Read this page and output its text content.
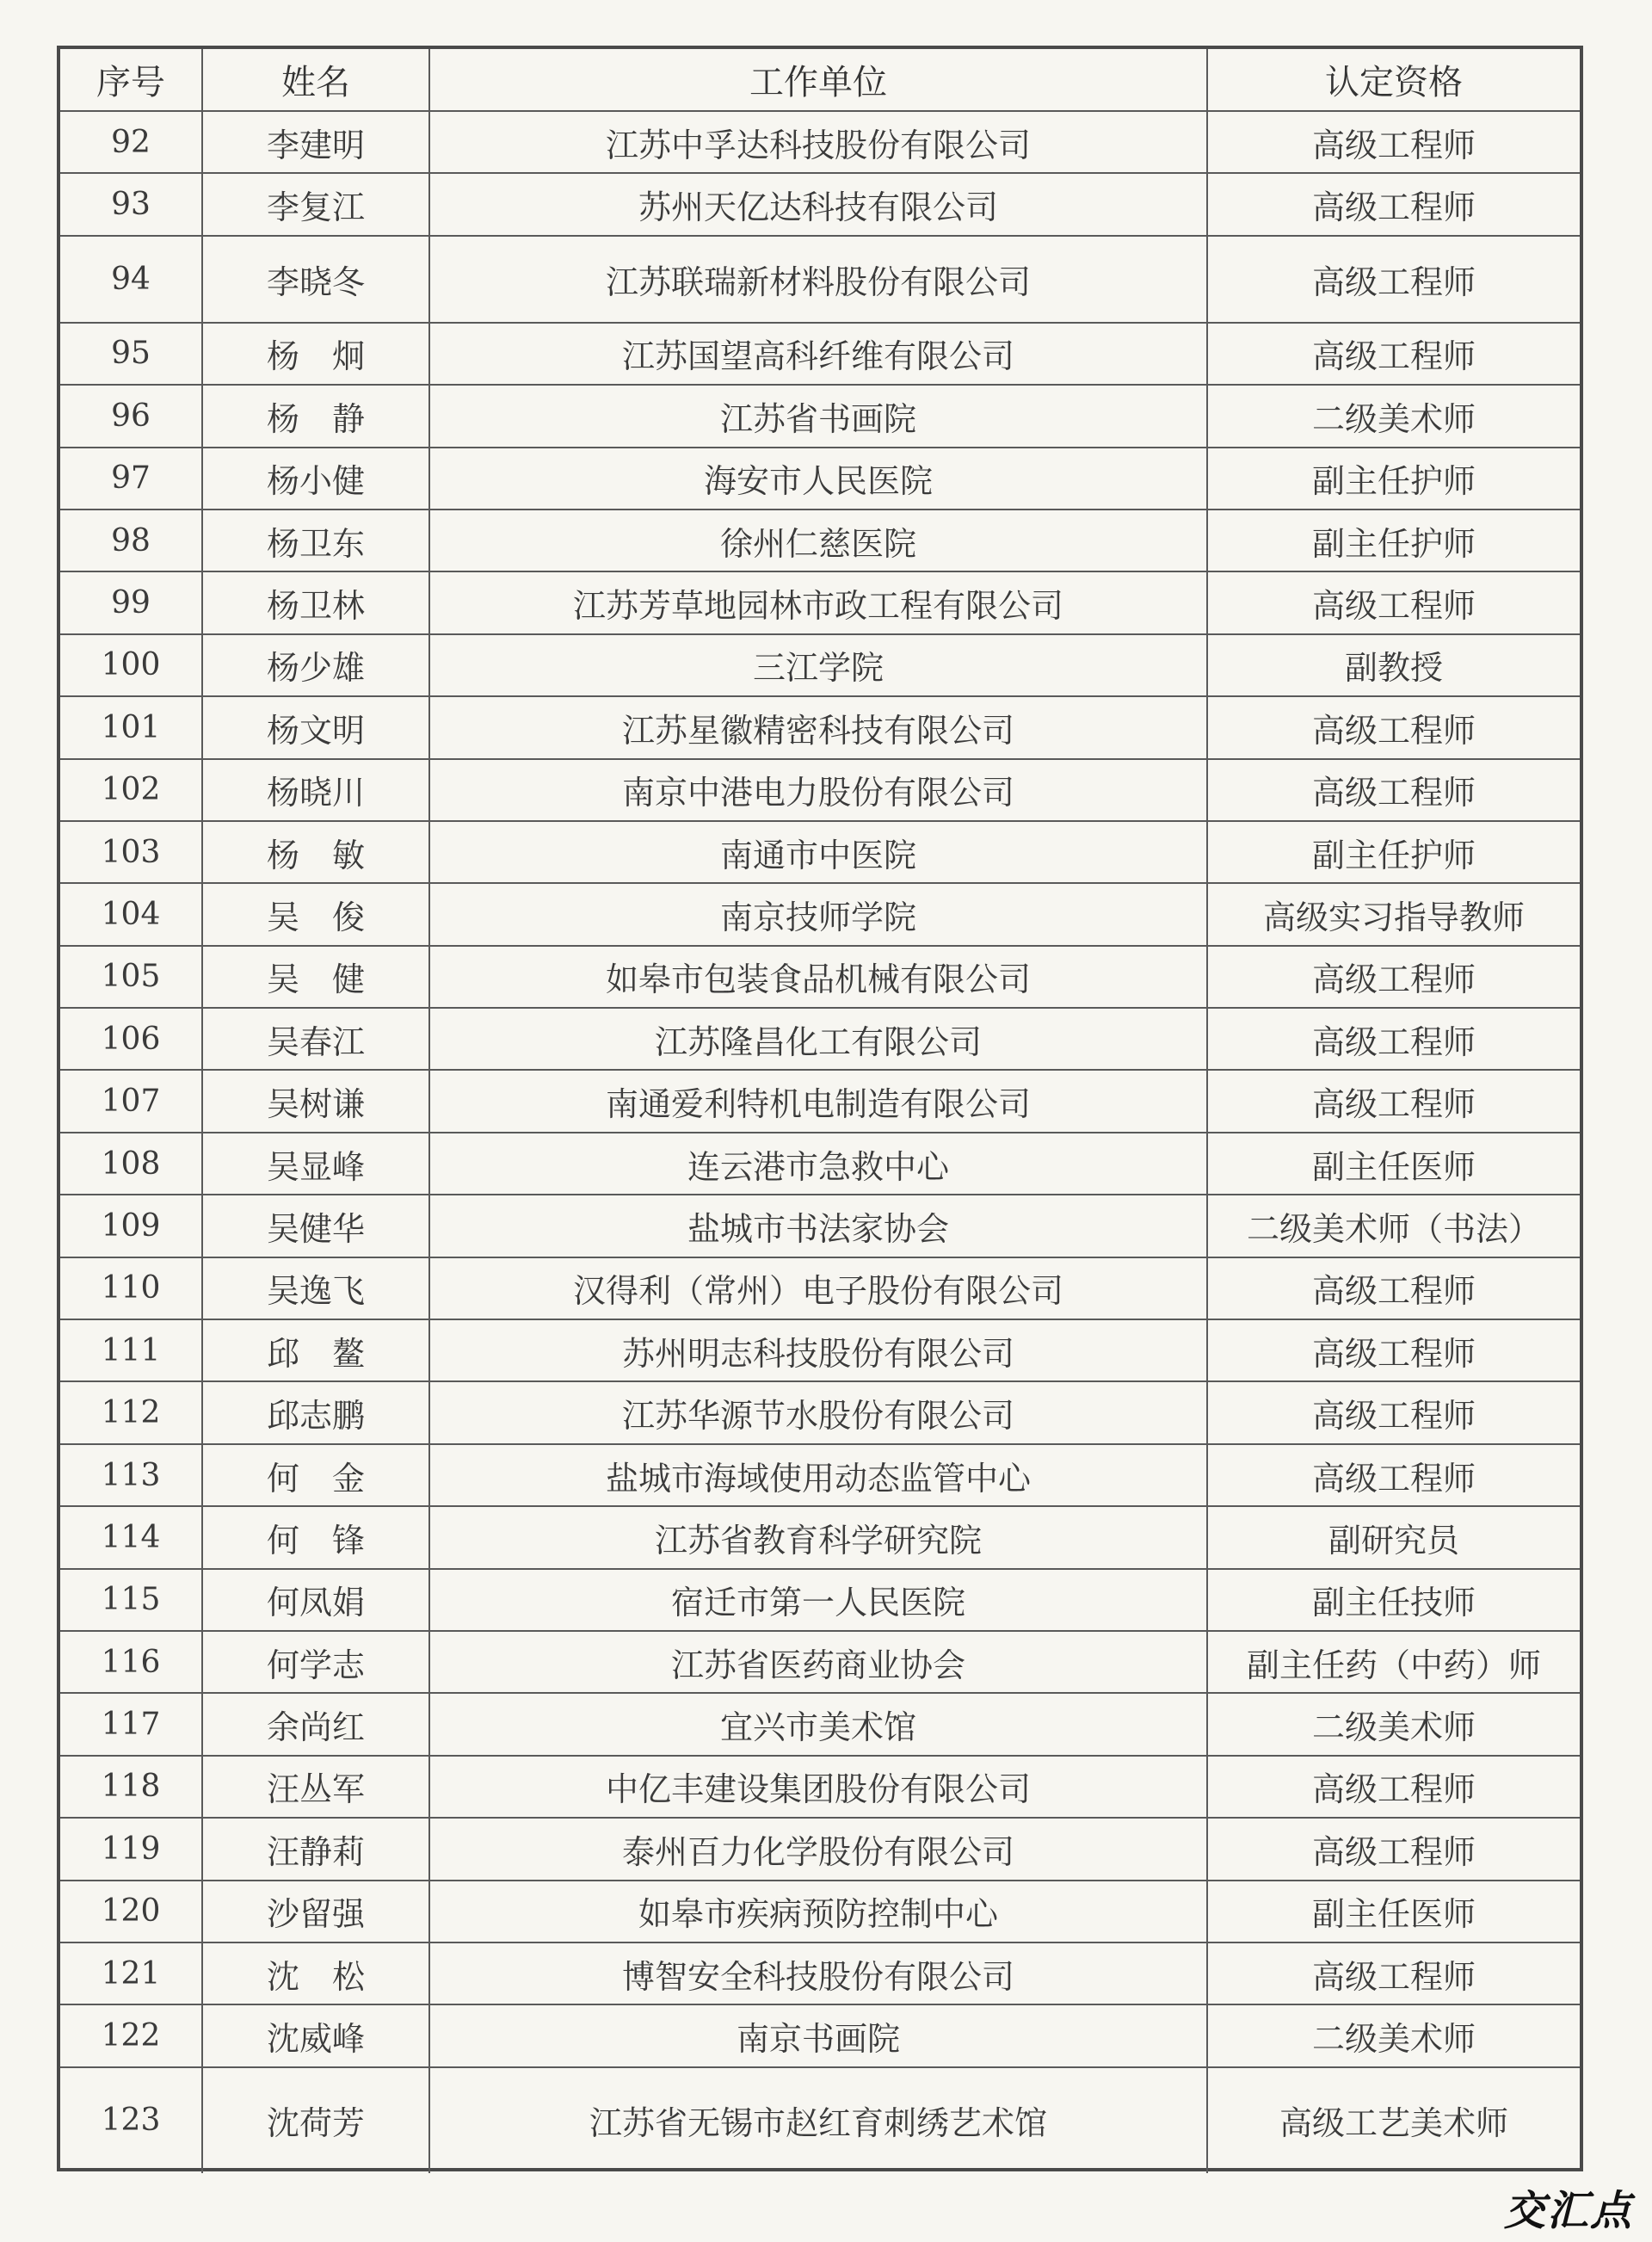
序号	姓名	工作单位	认定资格
92	李建明	江苏中孚达科技股份有限公司	高级工程师
93	李复江	苏州天亿达科技有限公司	高级工程师
94	李晓冬	江苏联瑞新材料股份有限公司	高级工程师
95	杨　炯	江苏国望高科纤维有限公司	高级工程师
96	杨　静	江苏省书画院	二级美术师
97	杨小健	海安市人民医院	副主任护师
98	杨卫东	徐州仁慈医院	副主任护师
99	杨卫林	江苏芳草地园林市政工程有限公司	高级工程师
100	杨少雄	三江学院	副教授
101	杨文明	江苏星徽精密科技有限公司	高级工程师
102	杨晓川	南京中港电力股份有限公司	高级工程师
103	杨　敏	南通市中医院	副主任护师
104	吴　俊	南京技师学院	高级实习指导教师
105	吴　健	如皋市包装食品机械有限公司	高级工程师
106	吴春江	江苏隆昌化工有限公司	高级工程师
107	吴树谦	南通爱利特机电制造有限公司	高级工程师
108	吴显峰	连云港市急救中心	副主任医师
109	吴健华	盐城市书法家协会	二级美术师（书法）
110	吴逸飞	汉得利（常州）电子股份有限公司	高级工程师
111	邱　鳌	苏州明志科技股份有限公司	高级工程师
112	邱志鹏	江苏华源节水股份有限公司	高级工程师
113	何　金	盐城市海域使用动态监管中心	高级工程师
114	何　锋	江苏省教育科学研究院	副研究员
115	何凤娟	宿迁市第一人民医院	副主任技师
116	何学志	江苏省医药商业协会	副主任药（中药）师
117	余尚红	宜兴市美术馆	二级美术师
118	汪丛军	中亿丰建设集团股份有限公司	高级工程师
119	汪静莉	泰州百力化学股份有限公司	高级工程师
120	沙留强	如皋市疾病预防控制中心	副主任医师
121	沈　松	博智安全科技股份有限公司	高级工程师
122	沈威峰	南京书画院	二级美术师
123	沈荷芳	江苏省无锡市赵红育刺绣艺术馆	高级工艺美术师
交汇点
